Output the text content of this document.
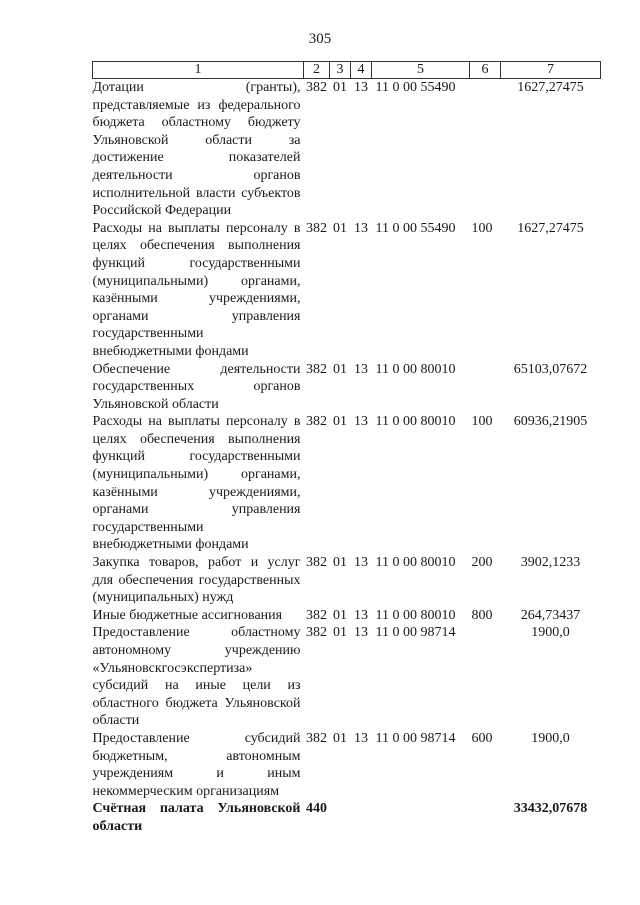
305
1	2	3	4	5	6	7
Дотации (гранты), представляемые из федерального бюджета областному бюджету Ульяновской области за достижение показателей деятельности органов исполнительной власти субъектов Российской Федерации	382	01	13	11 0 00 55490		1627,27475
Расходы на выплаты персоналу в целях обеспечения выполнения функций государственными (муниципальными) органами, казёнными учреждениями, органами управления государственными внебюджетными фондами	382	01	13	11 0 00 55490	100	1627,27475
Обеспечение деятельности государственных органов Ульяновской области	382	01	13	11 0 00 80010		65103,07672
Расходы на выплаты персоналу в целях обеспечения выполнения функций государственными (муниципальными) органами, казёнными учреждениями, органами управления государственными внебюджетными фондами	382	01	13	11 0 00 80010	100	60936,21905
Закупка товаров, работ и услуг для обеспечения государственных (муниципальных) нужд	382	01	13	11 0 00 80010	200	3902,1233
Иные бюджетные ассигнования	382	01	13	11 0 00 80010	800	264,73437
Предоставление областному автономному учреждению «Ульяновскгосэкспертиза» субсидий на иные цели из областного бюджета Ульяновской области	382	01	13	11 0 00 98714		1900,0
Предоставление субсидий бюджетным, автономным учреждениям и иным некоммерческим организациям	382	01	13	11 0 00 98714	600	1900,0
Счётная палата Ульяновской области	440					33432,07678
